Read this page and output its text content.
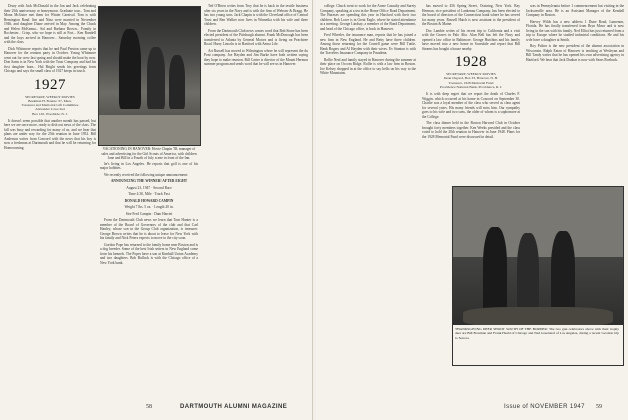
Drury with Jack McDonald in the Jan and Jack celebrating their 25th anniversary or honeymoon. Graduate tour... Tom and Mona McGuire met them for Winter Carnival. Tom is with Remington Rand. Jim and Nina were married in November 1946, and daughter Diane arrived in May. Among the Chuck and Helen McKenna... Sal and Barbara Brown... Family in Rochester... Crisp, who we hope is still at Fort... Ken Rundell and the boys arrived in Hanover... Saturday morning coffee with the class.

Dick Whitmore reports that he and Paul Preston came up to Hanover for the reunion party in October. Young Whitmore went out for crew last spring and should make the boat by now. Don Sams is in New York with the Trust Company and had his first daughter born... Hal Bright sends his greetings from Chicago and says the small class of 1927 keeps in touch.

1927

SECRETARY, WEEKLY MOVIES

Beekman H. Bourne '27, Mass.

Treasurer and Memorial Gift Committee

Alexander Lowe 2nd

Box 120, Woodside, N. J.

It doesn't seem possible that another month has passed, but here we are once more, ready to dish out news of the class. The fall was busy and rewarding for many of us, and we hear that plans are under way for the 25th reunion in June 1952. Bill Anderson writes from Concord with the news that his boy is now a freshman at Dartmouth and that he will be returning for Homecoming.	VACATIONING IN HANOVER: Hovie Chapin '38, manager of sales and advertising for the Girl Scouts of America, with children Jane and Bill in a Fourth of July scene in front of the Inn.

he's living in Los Angeles. He reports that golf is one of his major hobbies.

We recently received the following unique announcement:

ANNOUNCING THE WINNER! AFTER EIGHT

August 23, 1947 · Second Race

Time 4:30, Mile · Track Fast

DONALD HOWARD CAMPIN

Weight 7 lbs. 5 oz. · Length 20 in.

Sire Fred Campin · Dam Harriet

From the Dartmouth Club news we learn that Tom Hunter is a member of the Board of Governors of the club and that Carl Hanley, whose son in the Group Club organization, is treasurer. George Brown writes that he is about to leave for New York with his family and Nick Peters expects to move to the city soon.

Gordon Pope has returned to the family home near Boston and is a dog breeder. Some of the best Irish setters in New England come from his kennels. The Popes have a son at Kimball Union Academy and two daughters. Bob Bullock is with the Chicago office of a New York bank.

Ted O'Brien writes from Troy that he is back in the textile business after six years in the Navy and is with the firm of Webster & Bragg. He has two young sons. Jack Chapin is with the Cleveland office of Central Trust and Ben Walker now lives in Winnetka with his wife and three children.

From the Dartmouth Club news comes word that Bob Stone has been elected president of the Pittsburgh alumni. Frank McDonough has been transferred to Atlanta by General Motors and is living on Peachtree Road. Harry Lincoln is in Hartford with Aetna Life.

Art Russell has moved to Wilmington where he will represent the du Pont company. Joe Hayden and Jim Burke have both written saying they hope to make reunion. Bill Carter is director of the Mount Hermon summer program and sends word that he will see us in Hanover.

58	DARTMOUTH ALUMNI MAGAZINE

college. Chuck went to work for the Acme Casualty and Surety Company, speaking at a tea in the Home Office Road Department. The Burnses are spending this year in Hartford with their two children. Bob Lowe is in Great Eagle, where he stated attendance at a meeting. George Lindsay, a member of the Bond Department, and head of the Chicago office, is back in Hanover.

Fred Wheeler, the insurance man, reports that he has joined a new firm in New England. He and Betty have three children. Among those returning for the Cornell game were Bill Tuttle, Hank Rogers and Al Hayden with their wives. Ev Stanton is with the Travelers Insurance Company in Pasadena.

Rollie Neal and family stayed in Hanover during the summer at their place on Occom Ridge. Rollie is with a law firm in Boston. Joe Kelsey dropped in at the office to say hello on his way to the White Mountains.

has moved to 456 Spring Street, Ossining, New York. Ray Herman, vice president of Lankenau Company, has been elected to the board of directors of the Connecticut bank where he has served for many years. Russell Hatch is now assistant to the president of the Boston & Maine.

Doc Lambie writes of his recent trip to California and a visit with the Graves in Palo Alto. Alan Bell has left the Navy and opened a law office in Baltimore. George Hutchins and his family have moved into a new home in Scarsdale and report that Bill Stearns has bought a house nearby.

1928

SECRETARY, WEEKLY MOVIES

Dean Osgood, Box 33, Hanover, N. H.

Treasurer, 1928 Memorial Fund

Providence National Bank, Providence, R. I.

It is with deep regret that we report the death of Charles F. Wiggin, which occurred at his home in Concord on September 30. Charlie was a loyal member of the class who served as class agent for several years. His many friends will miss him. Our sympathy goes to his wife and two sons, the older of whom is a sophomore at the College.

The class dinner held in the Boston Harvard Club in October brought forty members together. Ken Weeks presided and the class voted to hold the 20th reunion in Hanover in June 1948. Plans for the 1928 Memorial Fund were discussed in detail.

was in Pennsylvania before 1 commencement but visiting in the Jacksonville area. He is an Assistant Manager of the Kendall Company in Boston.

Harvey Wilds has a new address 1 Dune Road, Lumenon, Florida. He has finally transferred from Bryn Mawr and is now living in the sun with his family. Ned Elliot has just returned from a trip to Europe where he studied industrial conditions. He and his wife have a daughter at Smith.

Roy Fulton is the new president of the alumni association in Wisconsin. Ralph Eaton of Hanover is teaching at Wesleyan and Bill Tandy writes that he has opened his own advertising agency in Hartford. We hear that Jack Dunbar is now with Sears Roebuck.

59
Issue of NOVEMBER 1947
THANKSGIVING DEER SHOOT SOUTH OF THE BORDER: The two gun celebrators above with their trophy deer are Bill Bowman and Frank Heald of Chicago and Ned Greenleaf of Los Angeles, during a recent vacation trip to Sonora.
